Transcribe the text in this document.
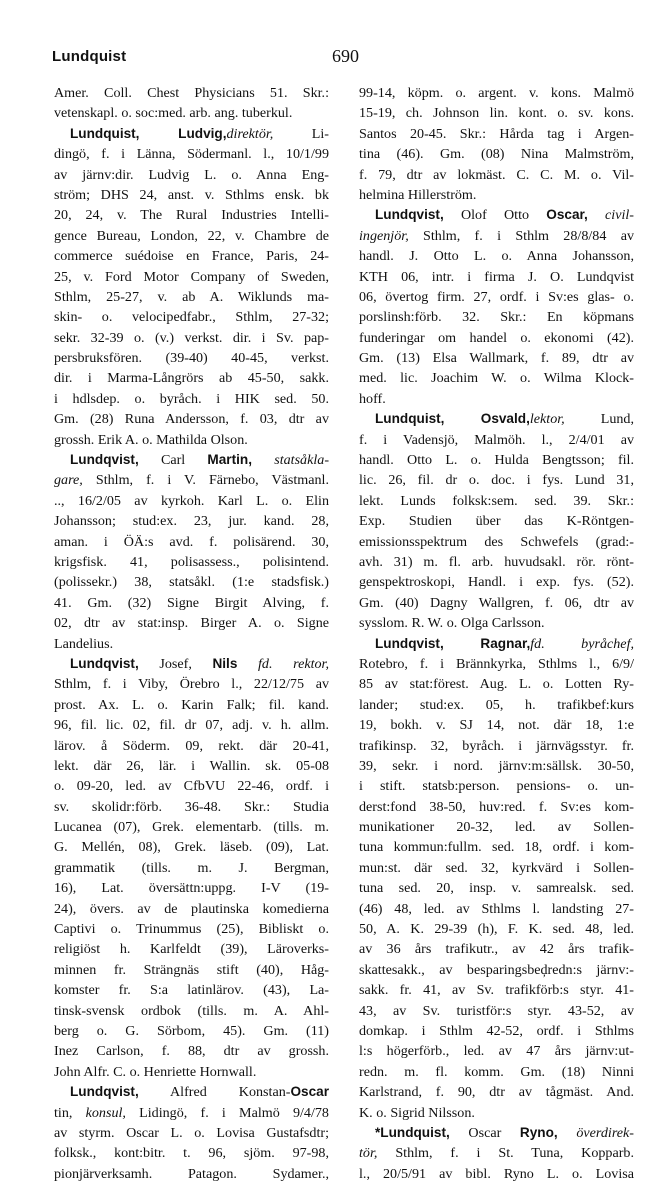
Lundquist	690
Amer. Coll. Chest Physicians 51. Skr.:
vetenskapl. o. soc:med. arb. ang. tuberkul.
Lundquist, Ludvig,direktör, Li-
dingö, f. i Länna, Södermanl. l., 10/1/99
av järnv:dir. Ludvig L. o. Anna Eng-
ström; DHS 24, anst. v. Sthlms ensk. bk
20, 24, v. The Rural Industries Intelli-
gence Bureau, London, 22, v. Chambre de
commerce suédoise en France, Paris, 24-
25, v. Ford Motor Company of Sweden,
Sthlm, 25-27, v. ab A. Wiklunds ma-
skin- o. velocipedfabr., Sthlm, 27-32;
sekr. 32-39 o. (v.) verkst. dir. i Sv. pap-
persbruksfören. (39-40) 40-45, verkst.
dir. i Marma-Långrörs ab 45-50, sakk.
i hdlsdep. o. byråch. i HIK sed. 50.
Gm. (28) Runa Andersson, f. 03, dtr av
grossh. Erik A. o. Mathilda Olson.
Lundqvist, Carl Martin, statsåkla-
gare, Sthlm, f. i V. Färnebo, Västmanl.
.., 16/2/05 av kyrkoh. Karl L. o. Elin
Johansson; stud:ex. 23, jur. kand. 28,
aman. i ÖÄ:s avd. f. polisärend. 30,
krigsfisk. 41, polisassess., polisintend.
(polissekr.) 38, statsåkl. (1:e stadsfisk.)
41. Gm. (32) Signe Birgit Alving, f.
02, dtr av stat:insp. Birger A. o. Signe
Landelius.
Lundqvist, Josef, Nils fd. rektor,
Sthlm, f. i Viby, Örebro l., 22/12/75 av
prost. Ax. L. o. Karin Falk; fil. kand.
96, fil. lic. 02, fil. dr 07, adj. v. h. allm.
lärov. å Söderm. 09, rekt. där 20-41,
lekt. där 26, lär. i Wallin. sk. 05-08
o. 09-20, led. av CfbVU 22-46, ordf. i
sv. skolidr:förb. 36-48. Skr.: Studia
Lucanea (07), Grek. elementarb. (tills. m.
G. Mellén, 08), Grek. läseb. (09), Lat.
grammatik (tills. m. J. Bergman,
16), Lat. översättn:uppg. I-V (19-
24), övers. av de plautinska komedierna
Captivi o. Trinummus (25), Bibliskt o.
religiöst h. Karlfeldt (39), Läroverks-
minnen fr. Strängnäs stift (40), Håg-
komster fr. S:a latinlärov. (43), La-
tinsk-svensk ordbok (tills. m. A. Ahl-
berg o. G. Sörbom, 45). Gm. (11)
Inez Carlson, f. 88, dtr av grossh.
John Alfr. C. o. Henriette Hornwall.
Lundqvist, Alfred Konstan-Oscar
tin, konsul, Lidingö, f. i Malmö 9/4/78
av styrm. Oscar L. o. Lovisa Gustafsdtr;
folksk., kont:bitr. t. 96, sjöm. 97-98,
pionjärverksamh. Patagon. Sydamer.,
99-14, köpm. o. argent. v. kons. Malmö
15-19, ch. Johnson lin. kont. o. sv. kons.
Santos 20-45. Skr.: Hårda tag i Argen-
tina (46). Gm. (08) Nina Malmström,
f. 79, dtr av lokmäst. C. C. M. o. Vil-
helmina Hillerström.
Lundqvist, Olof Otto Oscar, civil-
ingenjör, Sthlm, f. i Sthlm 28/8/84 av
handl. J. Otto L. o. Anna Johansson,
KTH 06, intr. i firma J. O. Lundqvist
06, övertog firm. 27, ordf. i Sv:es glas- o.
porslinsh:förb. 32. Skr.: En köpmans
funderingar om handel o. ekonomi (42).
Gm. (13) Elsa Wallmark, f. 89, dtr av
med. lic. Joachim W. o. Wilma Klock-
hoff.
Lundquist, Osvald,lektor, Lund,
f. i Vadensjö, Malmöh. l., 2/4/01 av
handl. Otto L. o. Hulda Bengtsson; fil.
lic. 26, fil. dr o. doc. i fys. Lund 31,
lekt. Lunds folksk:sem. sed. 39. Skr.:
Exp. Studien über das K-Röntgen-
emissionsspektrum des Schwefels (grad:-
avh. 31) m. fl. arb. huvudsakl. rör. rönt-
genspektroskopi, Handl. i exp. fys. (52).
Gm. (40) Dagny Wallgren, f. 06, dtr av
sysslom. R. W. o. Olga Carlsson.
Lundqvist, Ragnar,fd. byråchef,
Rotebro, f. i Brännkyrka, Sthlms l., 6/9/
85 av stat:förest. Aug. L. o. Lotten Ry-
lander; stud:ex. 05, h. trafikbef:kurs
19, bokh. v. SJ 14, not. där 18, 1:e
trafikinsp. 32, byråch. i järnvägsstyr. fr.
39, sekr. i nord. järnv:m:sällsk. 30-50,
i stift. statsb:person. pensions- o. un-
derst:fond 38-50, huv:red. f. Sv:es kom-
munikationer 20-32, led. av Sollen-
tuna kommun:fullm. sed. 18, ordf. i kom-
mun:st. där sed. 32, kyrkvärd i Sollen-
tuna sed. 20, insp. v. samrealsk. sed.
(46) 48, led. av Sthlms l. landsting 27-
50, A. K. 29-39 (h), F. K. sed. 48, led.
av 36 års trafikutr., av 42 års trafik-
skattesakk., av besparingsbeḑredn:s järnv:-
sakk. fr. 41, av Sv. trafikförb:s styr. 41-
43, av Sv. turistför:s styr. 43-52, av
domkap. i Sthlm 42-52, ordf. i Sthlms
l:s högerförb., led. av 47 års järnv:ut-
redn. m. fl. komm. Gm. (18) Ninni
Karlstrand, f. 90, dtr av tågmäst. And.
K. o. Sigrid Nilsson.
*Lundquist, Oscar Ryno, överdirek-
tör, Sthlm, f. i St. Tuna, Kopparb.
l., 20/5/91 av bibl. Ryno L. o. Lovisa
